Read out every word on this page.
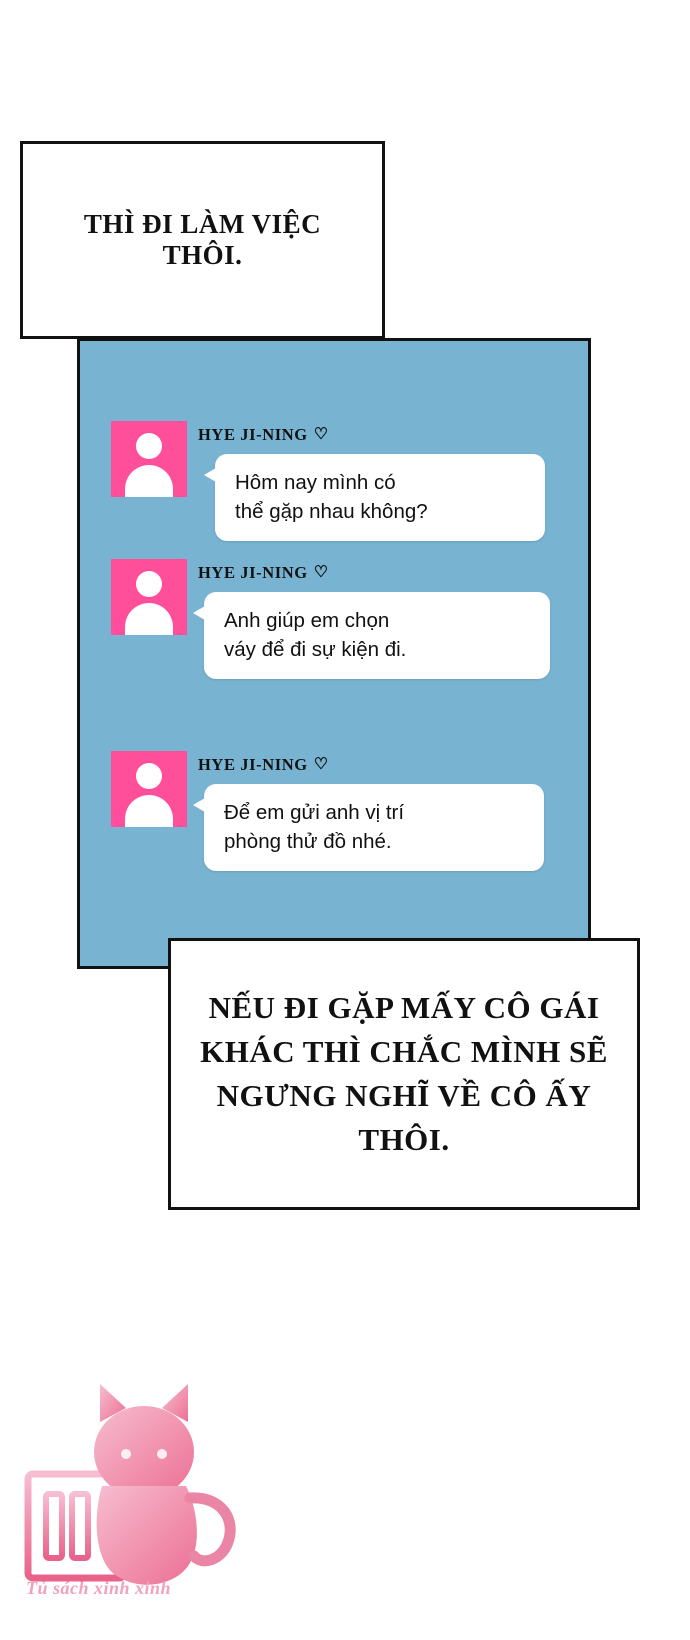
THÌ ĐI LÀM VIỆC THÔI.
HYE JI-NING ♡
Hôm nay mình có
thể gặp nhau không?
HYE JI-NING ♡
Anh giúp em chọn
váy để đi sự kiện đi.
HYE JI-NING ♡
Để em gửi anh vị trí
phòng thử đồ nhé.
NẾU ĐI GẶP MẤY CÔ GÁI KHÁC THÌ CHẮC MÌNH SẼ NGƯNG NGHĨ VỀ CÔ ẤY THÔI.
Tủ sách xinh xinh
